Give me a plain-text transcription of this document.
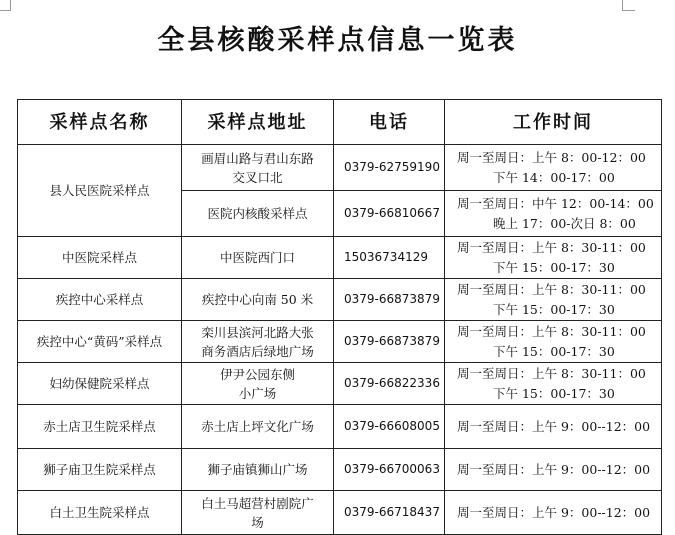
全县核酸采样点信息一览表
采样点名称	采样点地址	电话	工作时间
县人民医院采样点	画眉山路与君山东路
交叉口北	0379-62759190	周一至周日：上午 8：00-12：00
下午 14：00-17：00

	医院内核酸采样点	0379-66810667	周一至周日：中午 12：00-14：00
晚上 17：00-次日 8：00

中医院采样点	中医院西门口	15036734129	周一至周日：上午 8：30-11：00
下午 15：00-17：30

疾控中心采样点	疾控中心向南 50 米	0379-66873879	周一至周日：上午 8：30-11：00
下午 15：00-17：30

疾控中心“黄码”采样点	栾川县滨河北路大张
商务酒店后绿地广场	0379-66873879	周一至周日：上午 8：30-11：00
下午 15：00-17：30

妇幼保健院采样点	伊尹公园东侧
小广场	0379-66822336	周一至周日：上午 8：30-11：00
下午 15：00-17：30

赤土店卫生院采样点	赤土店上坪文化广场	0379-66608005	周一至周日：上午 9：00--12：00

狮子庙卫生院采样点	狮子庙镇狮山广场	0379-66700063	周一至周日：上午 9：00--12：00

白土卫生院采样点	白土马超营村剧院广
场	0379-66718437	周一至周日：上午 9：00--12：00
